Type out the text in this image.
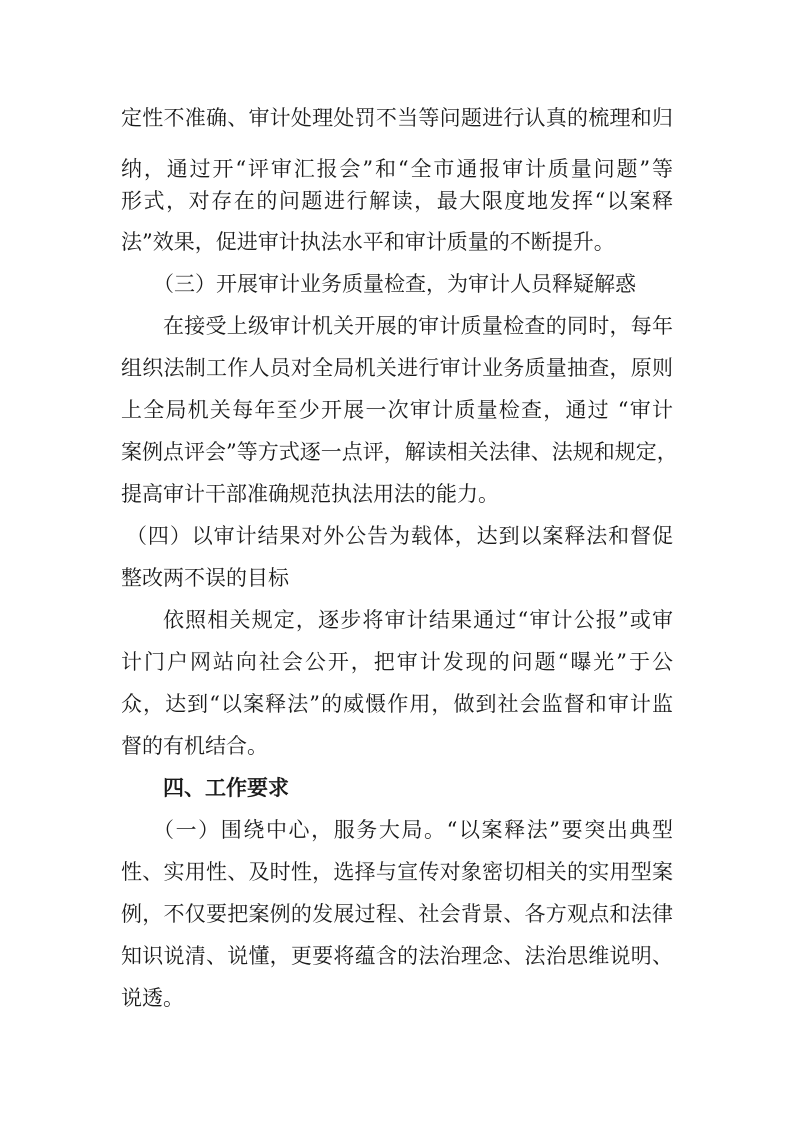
定性不准确、审计处理处罚不当等问题进行认真的梳理和归
纳，通过开“评审汇报会”和“全市通报审计质量问题”等
形式，对存在的问题进行解读，最大限度地发挥“以案释
法”效果，促进审计执法水平和审计质量的不断提升。
（三）开展审计业务质量检查，为审计人员释疑解惑
在接受上级审计机关开展的审计质量检查的同时，每年
组织法制工作人员对全局机关进行审计业务质量抽查，原则
上全局机关每年至少开展一次审计质量检查，通过 “审计
案例点评会”等方式逐一点评，解读相关法律、法规和规定，
提高审计干部准确规范执法用法的能力。
（四）以审计结果对外公告为载体，达到以案释法和督促
整改两不误的目标
依照相关规定，逐步将审计结果通过“审计公报”或审
计门户网站向社会公开，把审计发现的问题“曝光”于公
众，达到“以案释法”的威慑作用，做到社会监督和审计监
督的有机结合。
四、工作要求
（一）围绕中心，服务大局。“以案释法”要突出典型
性、实用性、及时性，选择与宣传对象密切相关的实用型案
例，不仅要把案例的发展过程、社会背景、各方观点和法律
知识说清、说懂，更要将蕴含的法治理念、法治思维说明、
说透。
